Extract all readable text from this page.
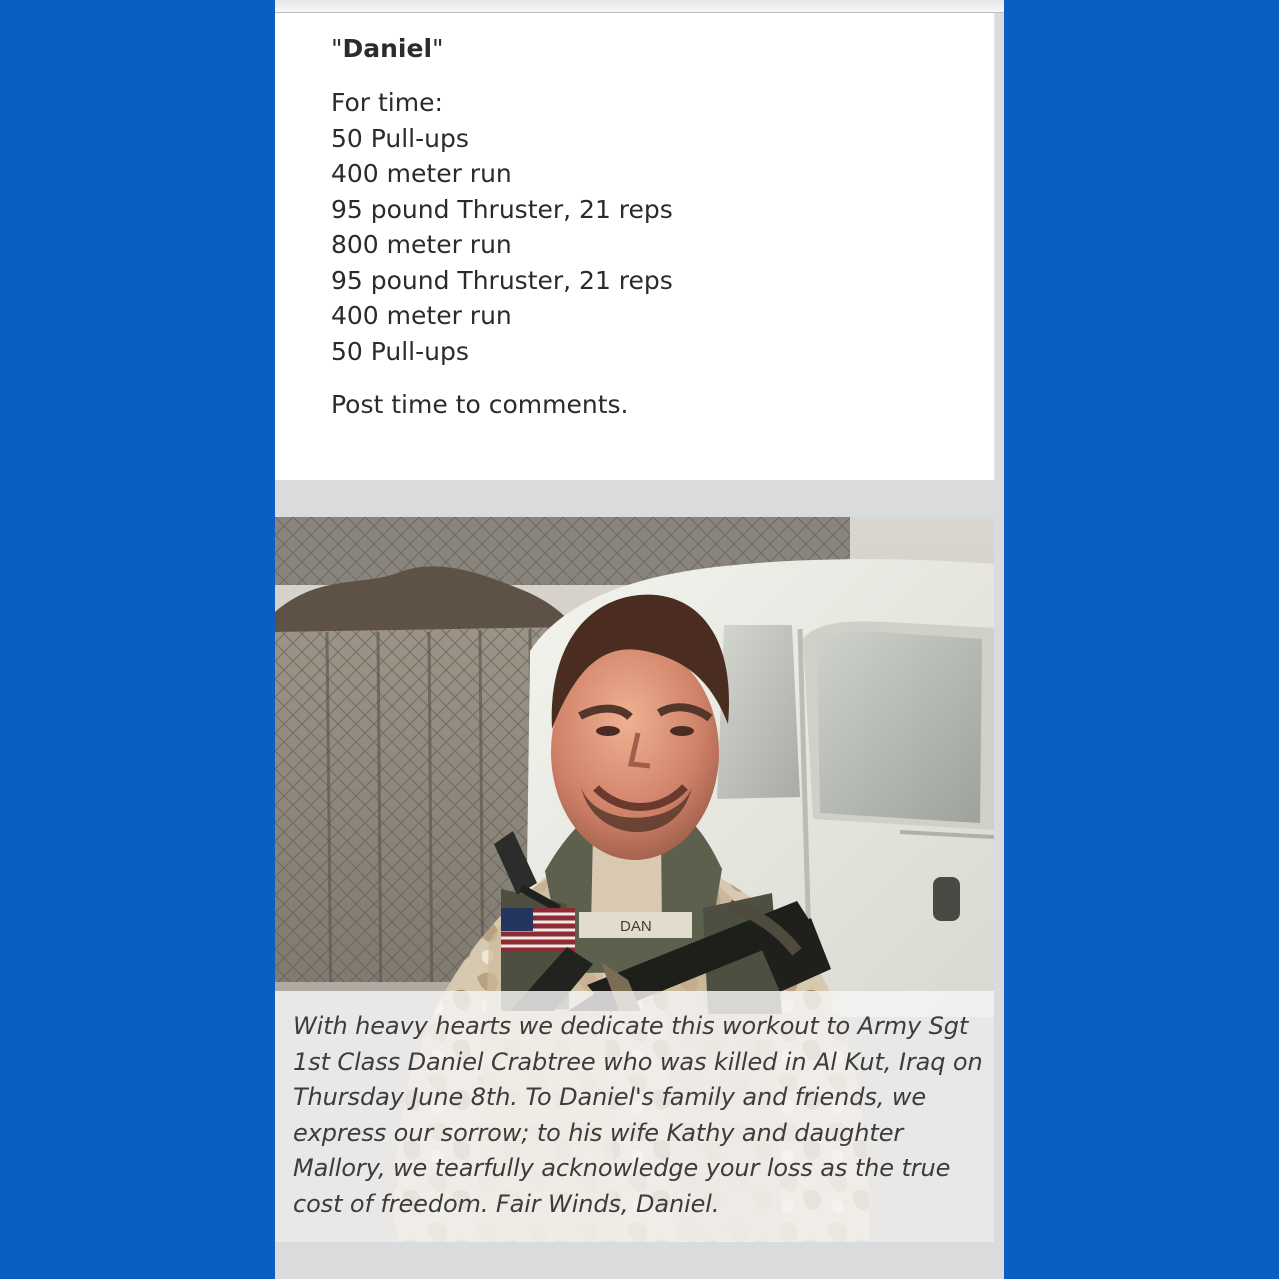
"Daniel"
For time:
50 Pull-ups
400 meter run
95 pound Thruster, 21 reps
800 meter run
95 pound Thruster, 21 reps
400 meter run
50 Pull-ups

Post time to comments.

DAN

With heavy hearts we dedicate this workout to Army Sgt 1st Class Daniel Crabtree who was killed in Al Kut, Iraq on Thursday June 8th. To Daniel's family and friends, we express our sorrow; to his wife Kathy and daughter Mallory, we tearfully acknowledge your loss as the true cost of freedom. Fair Winds, Daniel.
